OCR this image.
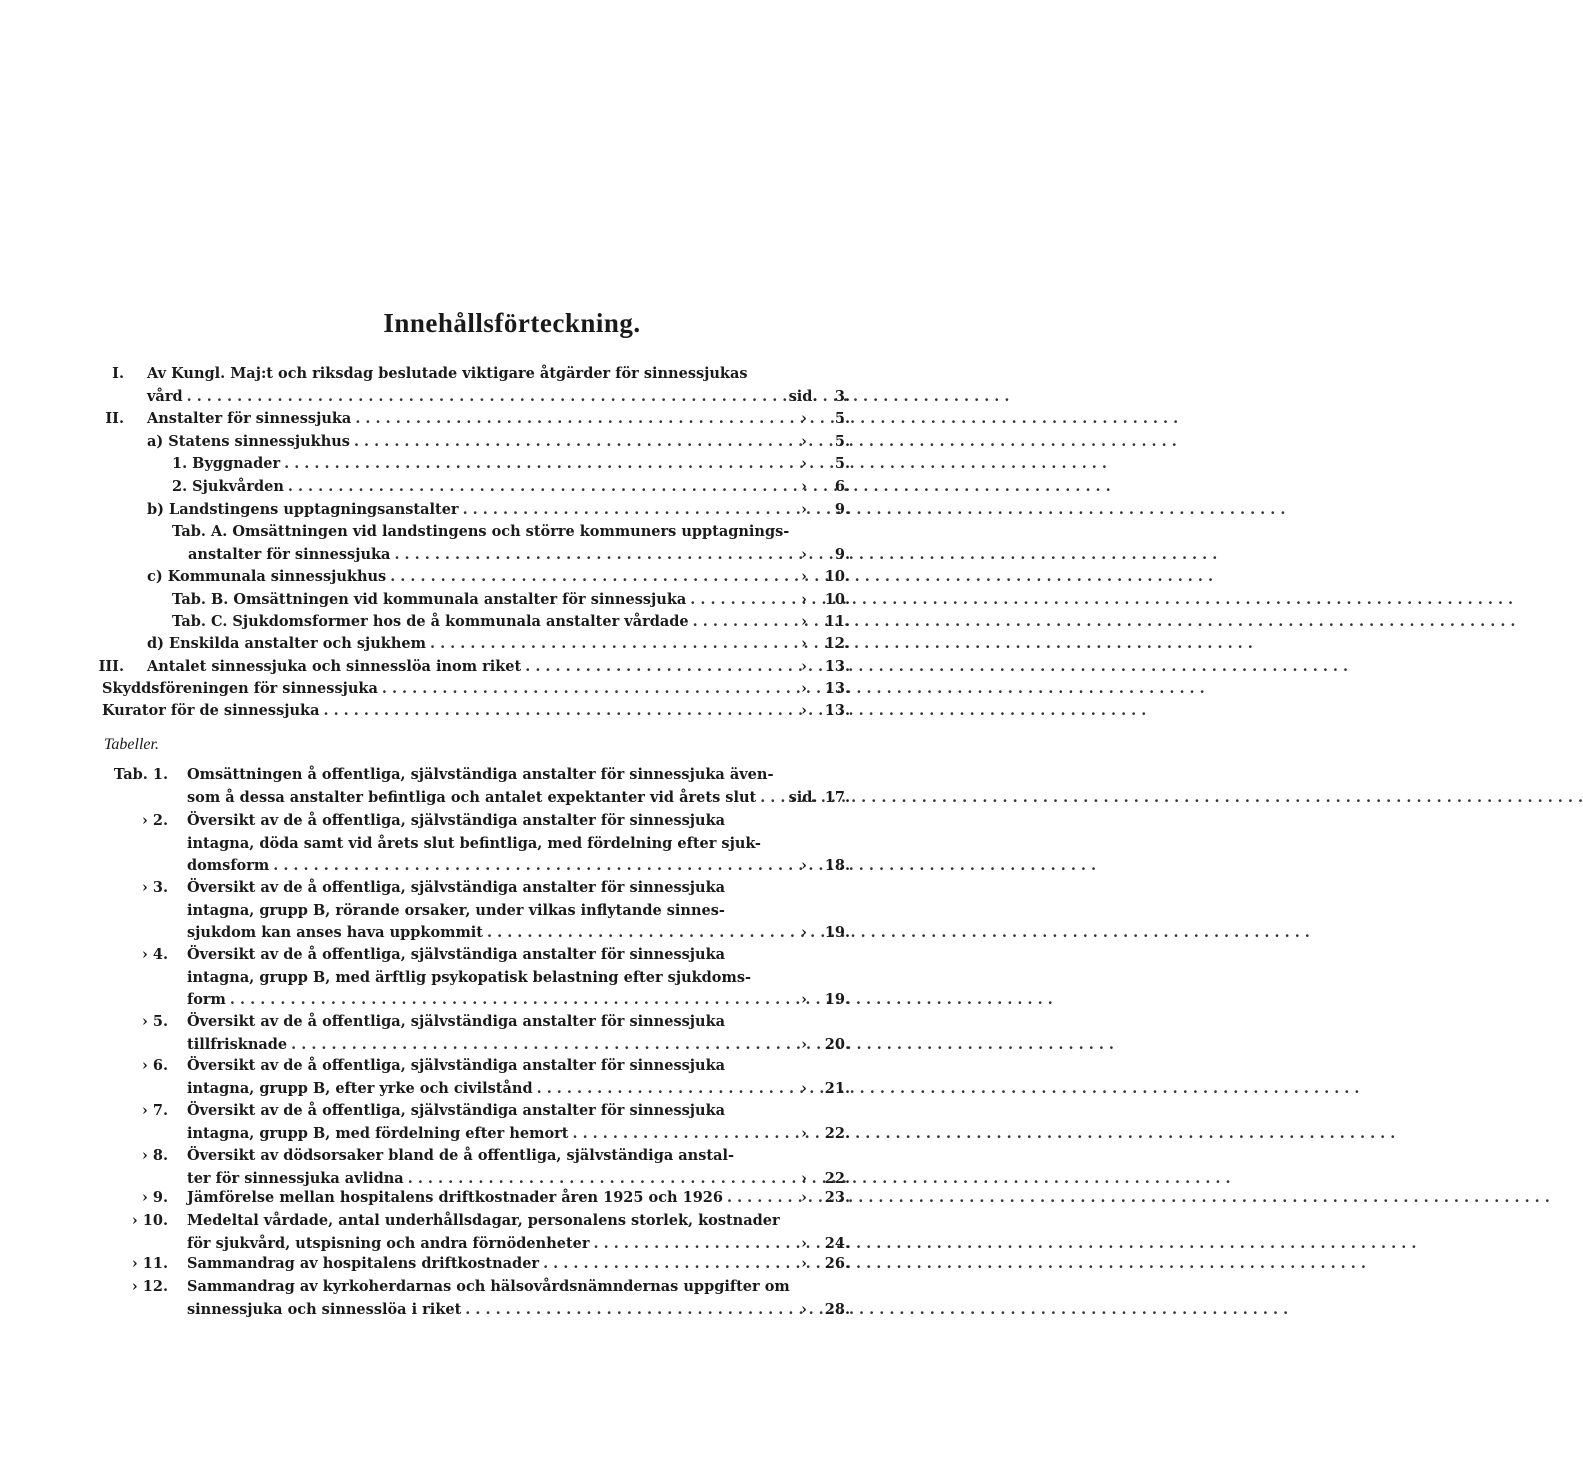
Innehållsförteckning.
I. Av Kungl. Maj:t och riksdag beslutade viktigare åtgärder för sinnessjukas
vård . . .	sid.	3.
II. Anstalter för sinnessjuka . . .	›	5.
a) Statens sinnessjukhus . . .	›	5.
1. Byggnader . . .	›	5.
2. Sjukvården . . .	›	6.
b) Landstingens upptagningsanstalter . . .	›	9.
Tab. A. Omsättningen vid landstingens och större kommuners upptagnings-
anstalter för sinnessjuka . . .	›	9.
c) Kommunala sinnessjukhus . . .	›	10.
Tab. B. Omsättningen vid kommunala anstalter för sinnessjuka . . .	›	10.
Tab. C. Sjukdomsformer hos de å kommunala anstalter vårdade . . .	›	11.
d) Enskilda anstalter och sjukhem . . .	›	12.
III. Antalet sinnessjuka och sinnesslöa inom riket . . .	›	13.
Skyddsföreningen för sinnessjuka . . .	›	13.
Kurator för de sinnessjuka . . .	›	13.
Tab. 1. Omsättningen å offentliga, självständiga anstalter för sinnessjuka även-
som å dessa anstalter befintliga och antalet expektanter vid årets slut . . . sid. 17.
› 2. Översikt av de å offentliga, självständiga anstalter för sinnessjuka
intagna, döda samt vid årets slut befintliga, med fördelning efter sjuk-
domsform . . .	›	18.
› 3. Översikt av de å offentliga, självständiga anstalter för sinnessjuka
intagna, grupp B, rörande orsaker, under vilkas inflytande sinnes-
sjukdom kan anses hava uppkommit . . .	›	19.
› 4. Översikt av de å offentliga, självständiga anstalter för sinnessjuka
intagna, grupp B, med ärftlig psykopatisk belastning efter sjukdoms-
form . . .	›	19.
› 5. Översikt av de å offentliga, självständiga anstalter för sinnessjuka
tillfrisknade . . .	›	20.
› 6. Översikt av de å offentliga, självständiga anstalter för sinnessjuka
intagna, grupp B, efter yrke och civilstånd . . .	›	21.
› 7. Översikt av de å offentliga, självständiga anstalter för sinnessjuka
intagna, grupp B, med fördelning efter hemort . . .	›	22.
› 8. Översikt av dödsorsaker bland de å offentliga, självständiga anstal-
ter för sinnessjuka avlidna . . .	›	22.
› 9. Jämförelse mellan hospitalens driftkostnader åren 1925 och 1926 . . .	›	23.
› 10. Medeltal vårdade, antal underhållsdagar, personalens storlek, kostnader
för sjukvård, utspisning och andra förnödenheter . . .	›	24.
› 11. Sammandrag av hospitalens driftkostnader . . .	›	26.
› 12. Sammandrag av kyrkoherdarnas och hälsovårdsnämndernas uppgifter om
sinnessjuka och sinnesslöa i riket . . .	›	28.
Tabeller.
